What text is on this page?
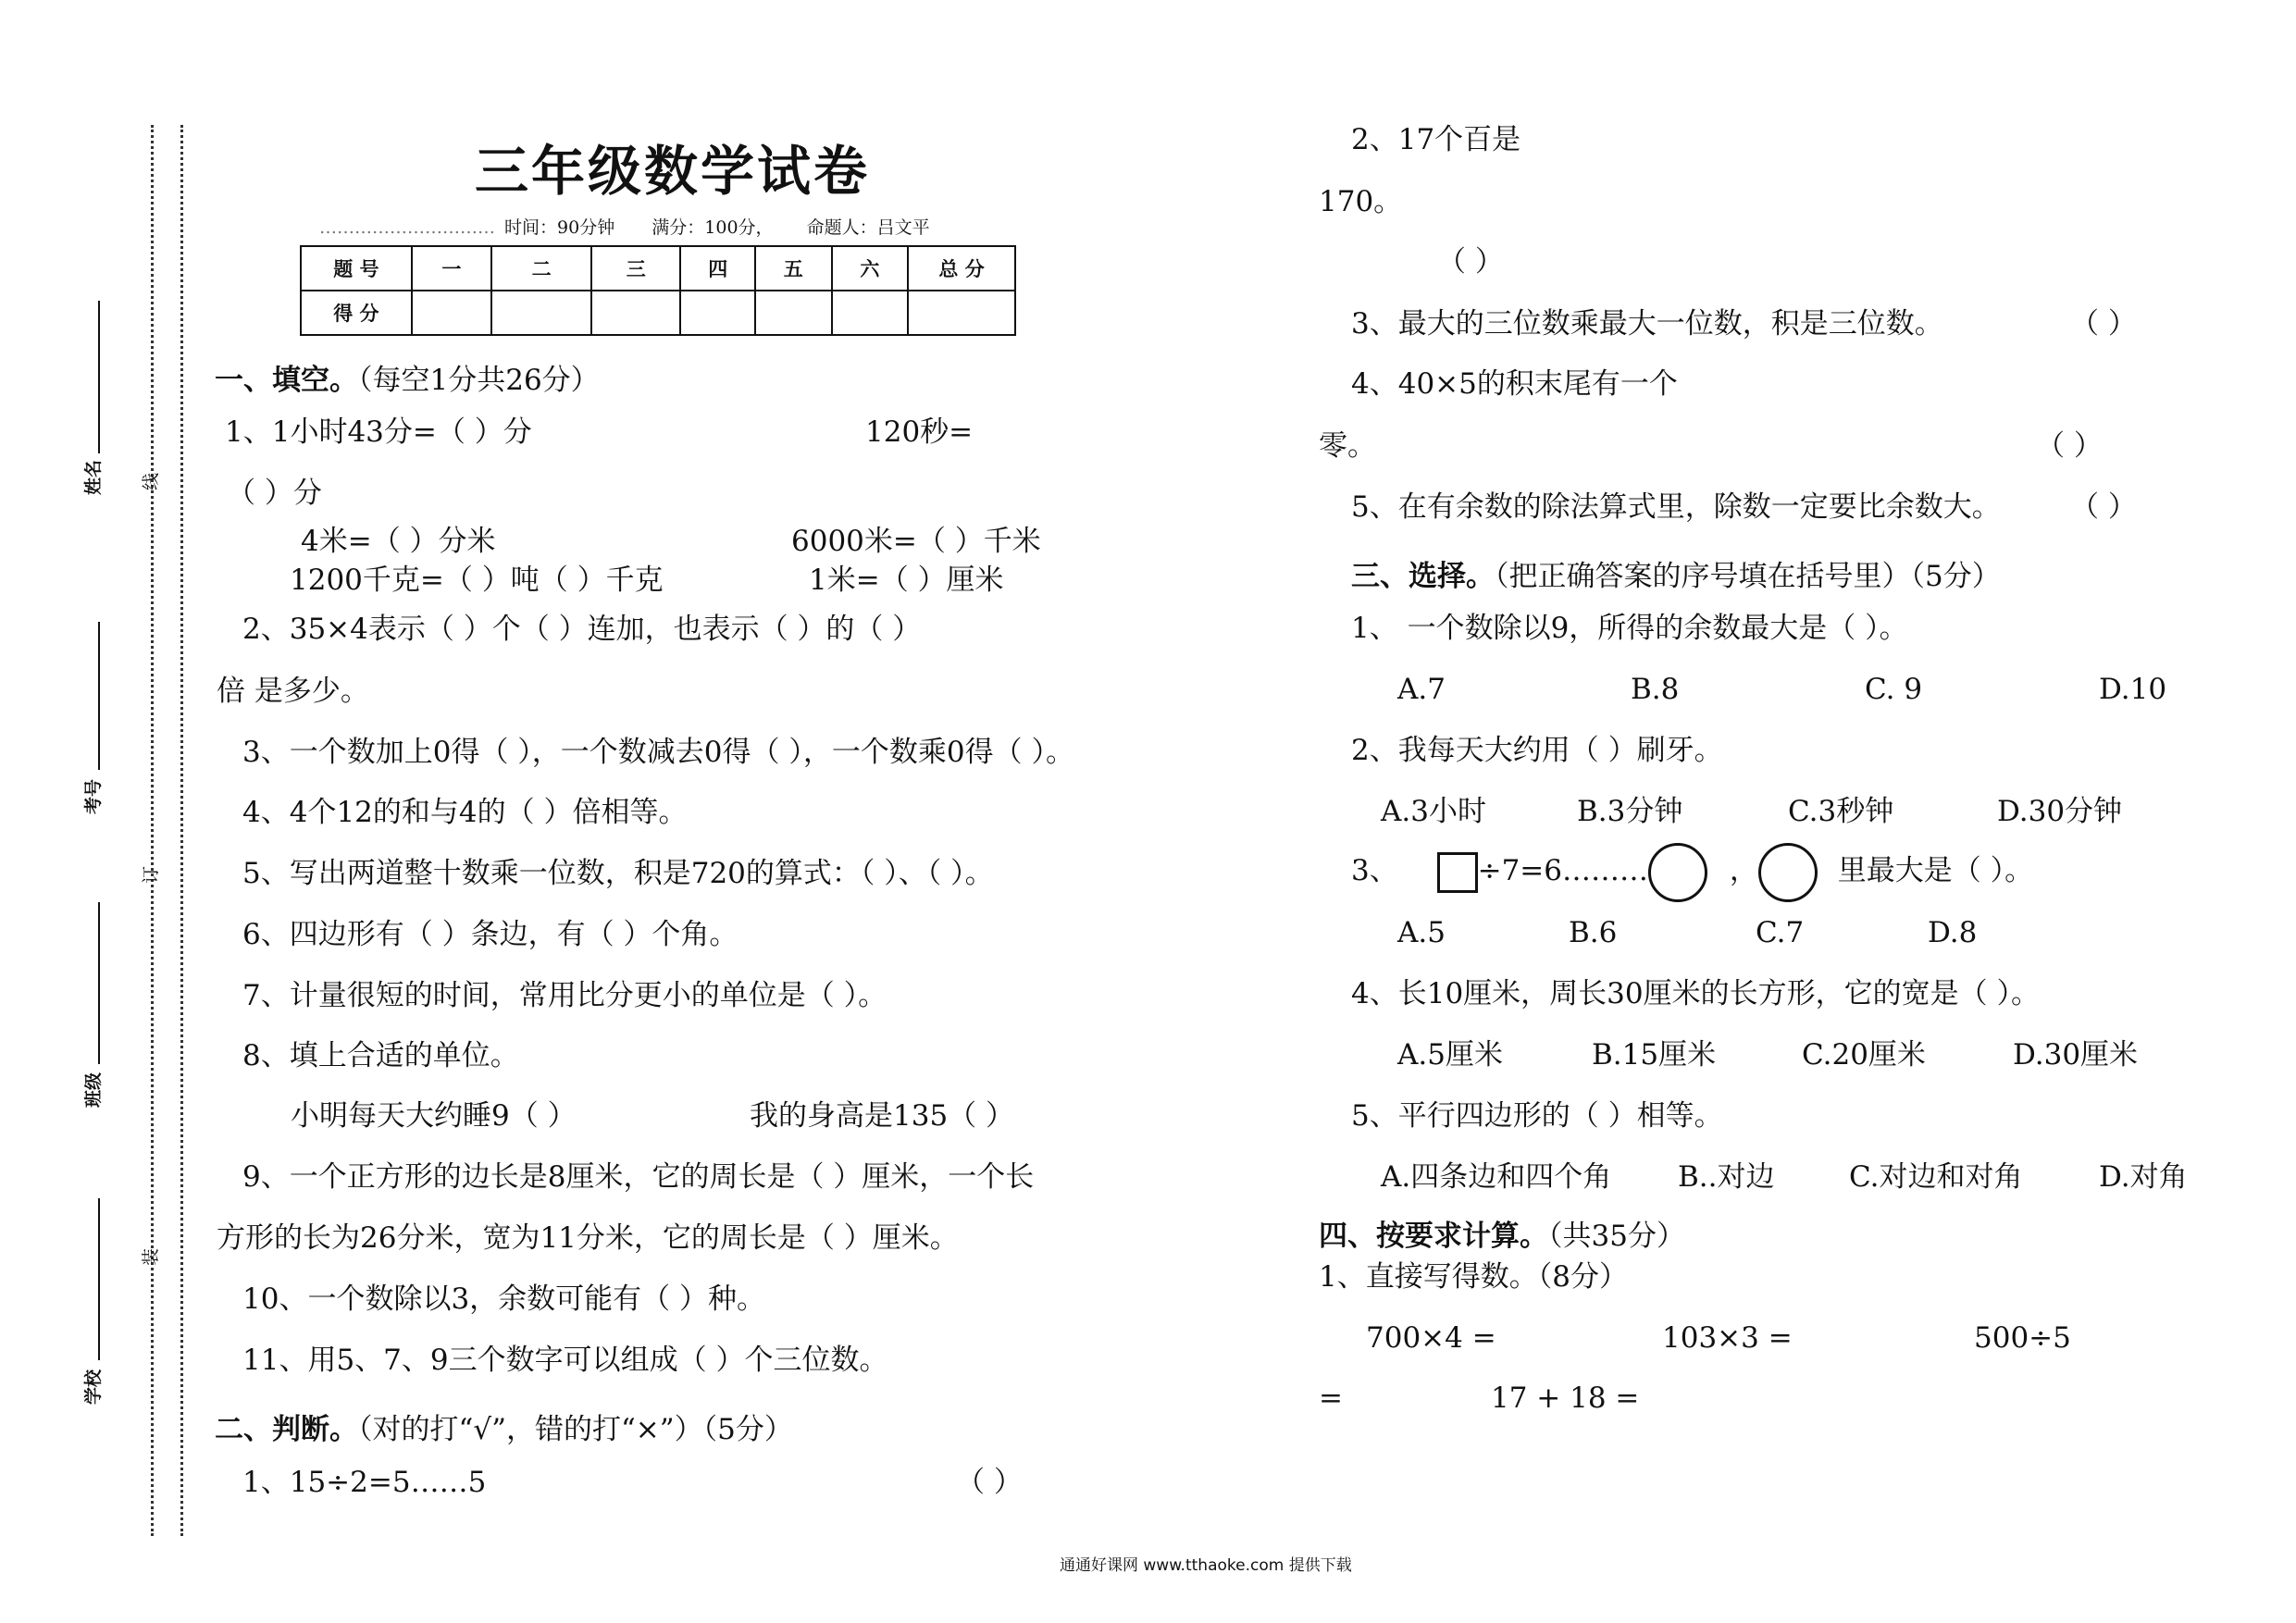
姓名 线
考号
订
班级
装
学校
三年级数学试卷
………………………… 时间：90分钟 满分：100分， 命题人：吕文平
题 号	一	二	三	四	五	六	总 分
得 分							
一、填空。（每空1分共26分）
1、1小时43分=（ ）分	120秒=
（ ）分
4米=（ ）分米	6000米=（ ）千米
1200千克=（ ）吨（ ）千克	1米=（ ）厘米
2、35×4表示（ ）个（ ）连加，也表示（ ）的（ ）
倍 是多少。
3、一个数加上0得（ ），一个数减去0得（ ），一个数乘0得（ ）。
4、4个12的和与4的（ ）倍相等。
5、写出两道整十数乘一位数，积是720的算式：（ ）、（ ）。
6、四边形有（ ）条边，有（ ）个角。
7、计量很短的时间，常用比分更小的单位是（ ）。
8、填上合适的单位。
小明每天大约睡9（ ）	我的身高是135（ ）
9、一个正方形的边长是8厘米，它的周长是（ ）厘米，一个长
方形的长为26分米，宽为11分米，它的周长是（ ）厘米。
10、一个数除以3，余数可能有（ ）种。
11、用5、7、9三个数字可以组成（ ）个三位数。
二、判断。（对的打“√”，错的打“×”）（5分）
1、15÷2=5……5	（ ）
2、17个百是
170。
（ ）
3、最大的三位数乘最大一位数，积是三位数。	（ ）
4、40×5的积末尾有一个
零。	（ ）
5、在有余数的除法算式里，除数一定要比余数大。 （ ）
三、选择。（把正确答案的序号填在括号里）（5分）
1、 一个数除以9，所得的余数最大是（ ）。
A.7	B.8	C. 9	D.10
2、我每天大约用（ ）刷牙。
A.3小时	B.3分钟	C.3秒钟	D.30分钟
3、	÷7=6………	，	里最大是（ ）。
A.5	B.6	C.7	D.8
4、长10厘米，周长30厘米的长方形，它的宽是（ ）。
A.5厘米	B.15厘米	C.20厘米	D.30厘米
5、平行四边形的（ ）相等。
A.四条边和四个角 B..对边	C.对边和对角	D.对角
四、按要求计算。（共35分）
1、直接写得数。（8分）
700×4 =	103×3 =	500÷5
=	17 + 18 =
通通好课网 www.tthaoke.com 提供下载
